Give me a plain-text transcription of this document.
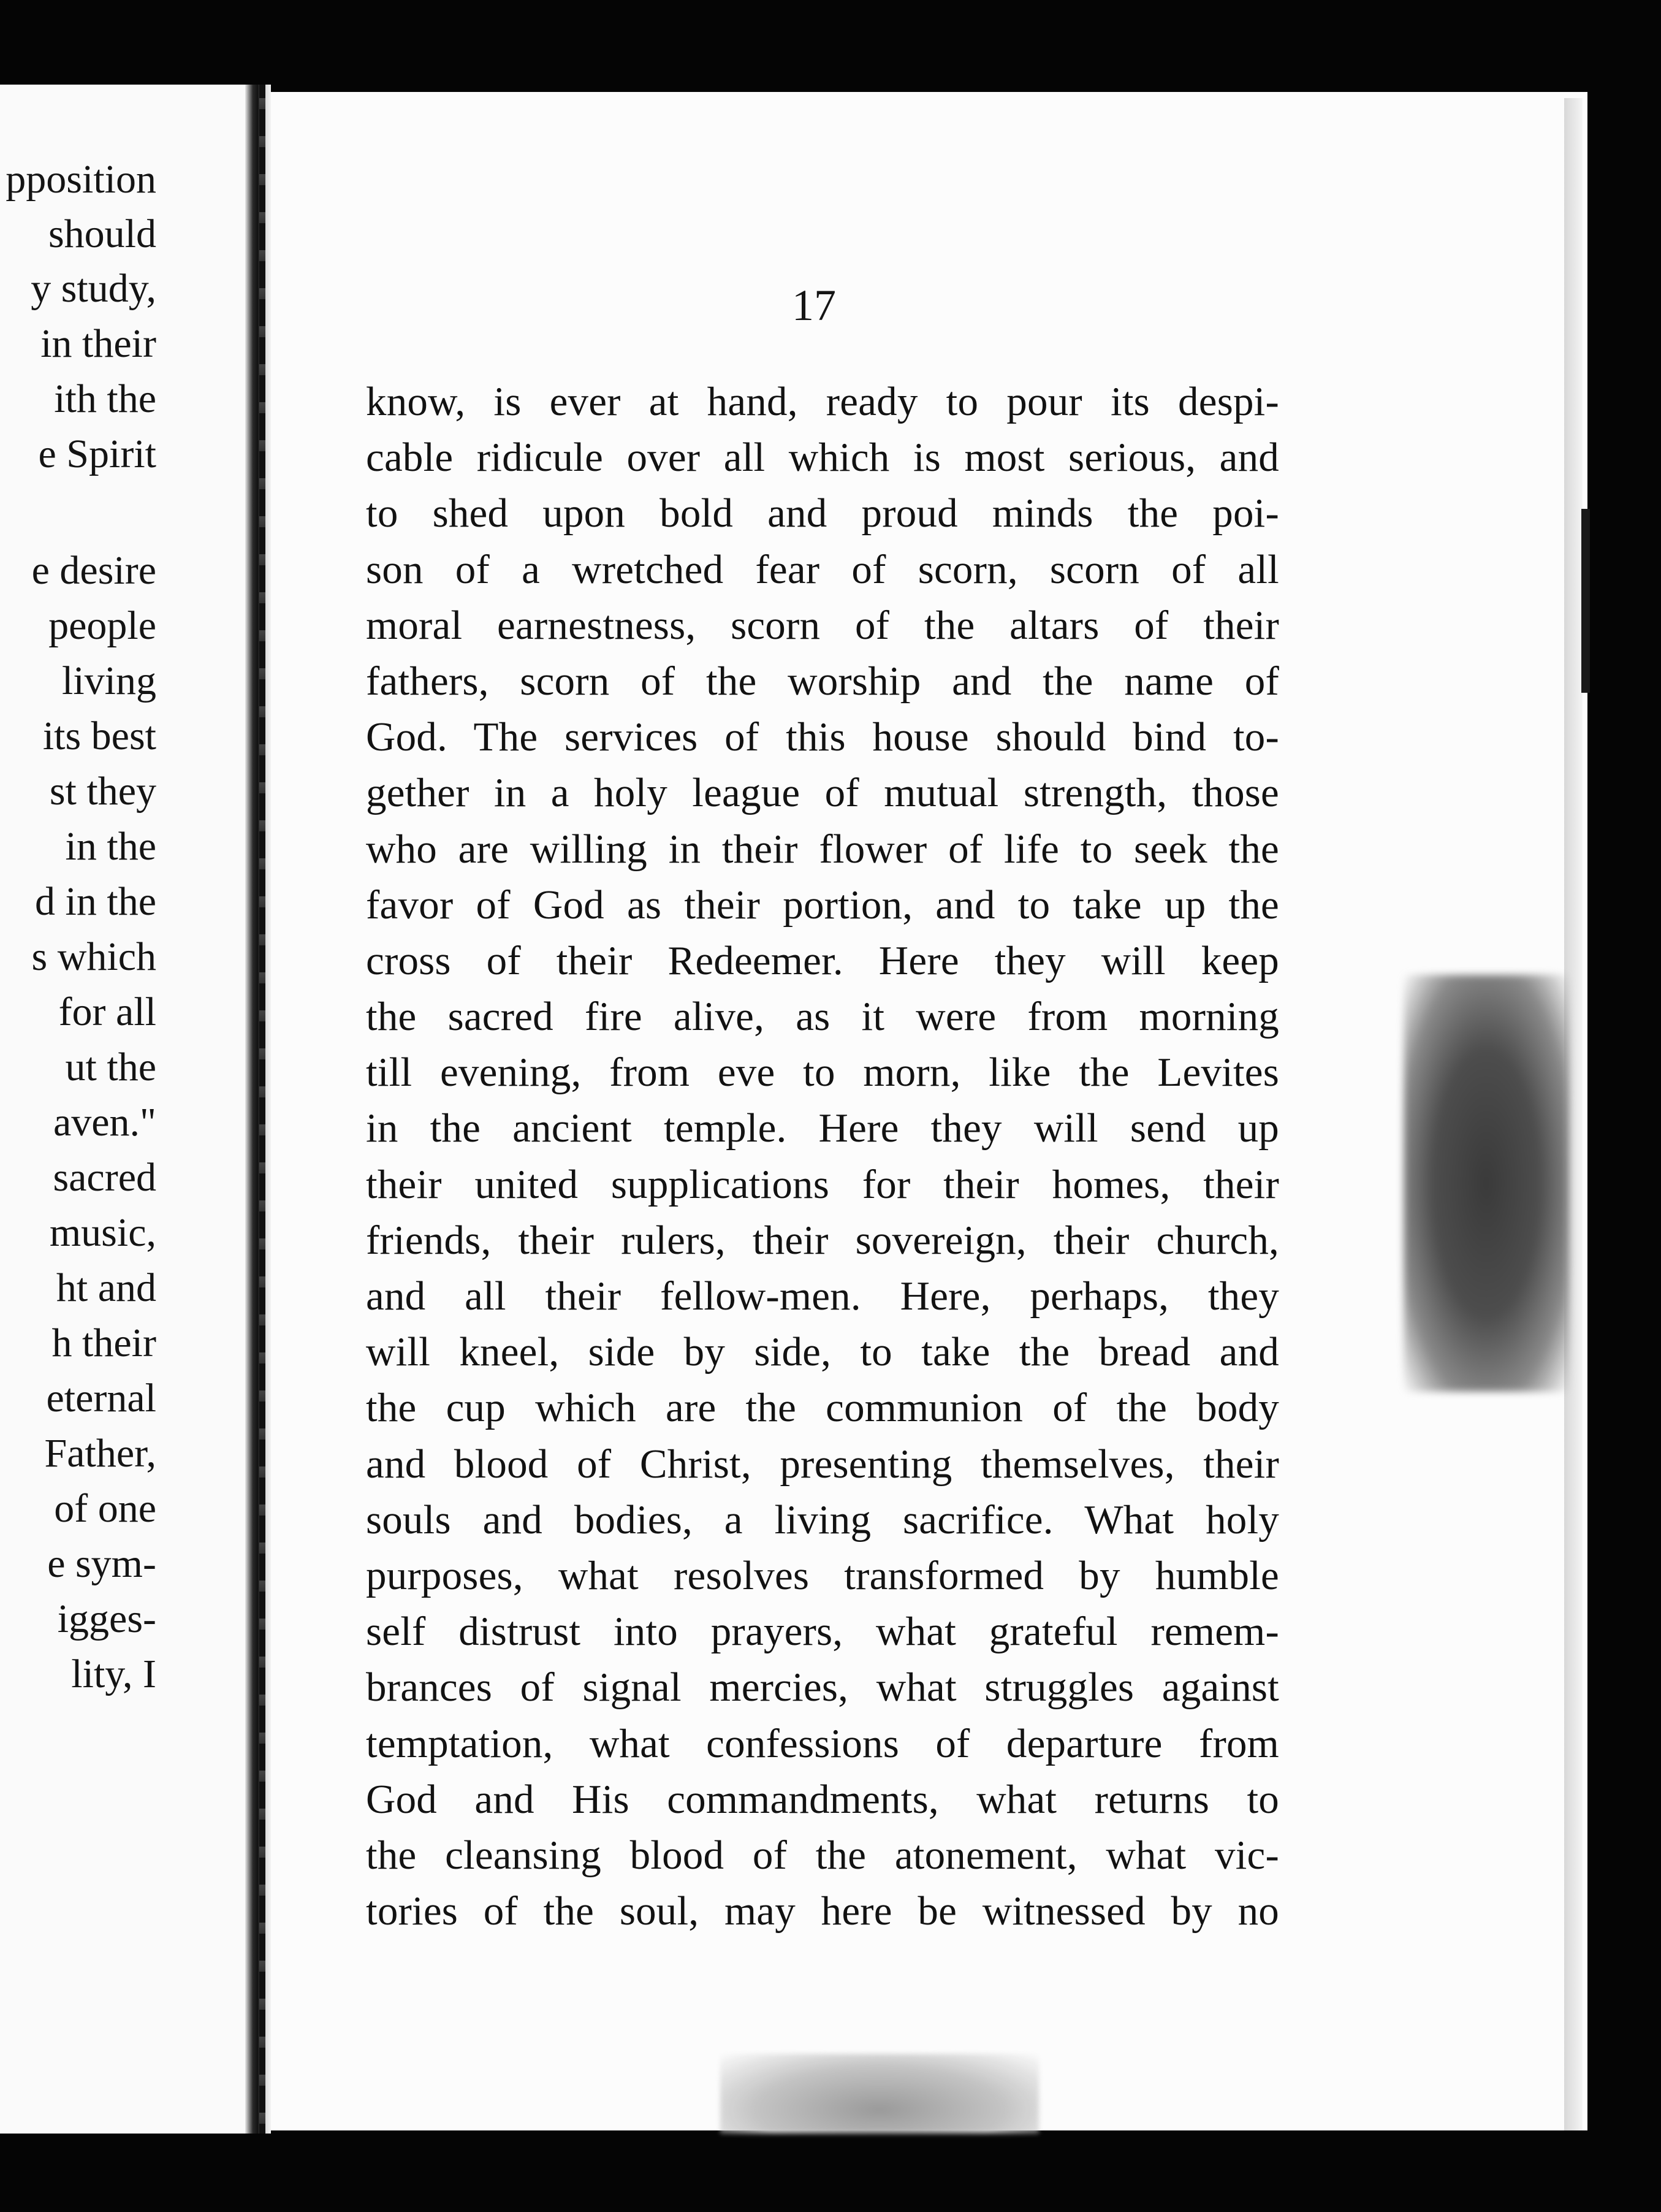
pposition
should
y study,
in their
ith the
e Spirit
e desire
people
living
its best
st they
in the
d in the
s which
for all
ut the
aven."
sacred
music,
ht and
h their
eternal
Father,
of one
e sym-
igges-
lity, I
17
know, is ever at hand, ready to pour its despi-
cable ridicule over all which is most serious, and
to shed upon bold and proud minds the poi-
son of a wretched fear of scorn, scorn of all
moral earnestness, scorn of the altars of their
fathers, scorn of the worship and the name of
God. The services of this house should bind to-
gether in a holy league of mutual strength, those
who are willing in their flower of life to seek the
favor of God as their portion, and to take up the
cross of their Redeemer. Here they will keep
the sacred fire alive, as it were from morning
till evening, from eve to morn, like the Levites
in the ancient temple. Here they will send up
their united supplications for their homes, their
friends, their rulers, their sovereign, their church,
and all their fellow-men. Here, perhaps, they
will kneel, side by side, to take the bread and
the cup which are the communion of the body
and blood of Christ, presenting themselves, their
souls and bodies, a living sacrifice. What holy
purposes, what resolves transformed by humble
self distrust into prayers, what grateful remem-
brances of signal mercies, what struggles against
temptation, what confessions of departure from
God and His commandments, what returns to
the cleansing blood of the atonement, what vic-
tories of the soul, may here be witnessed by no
